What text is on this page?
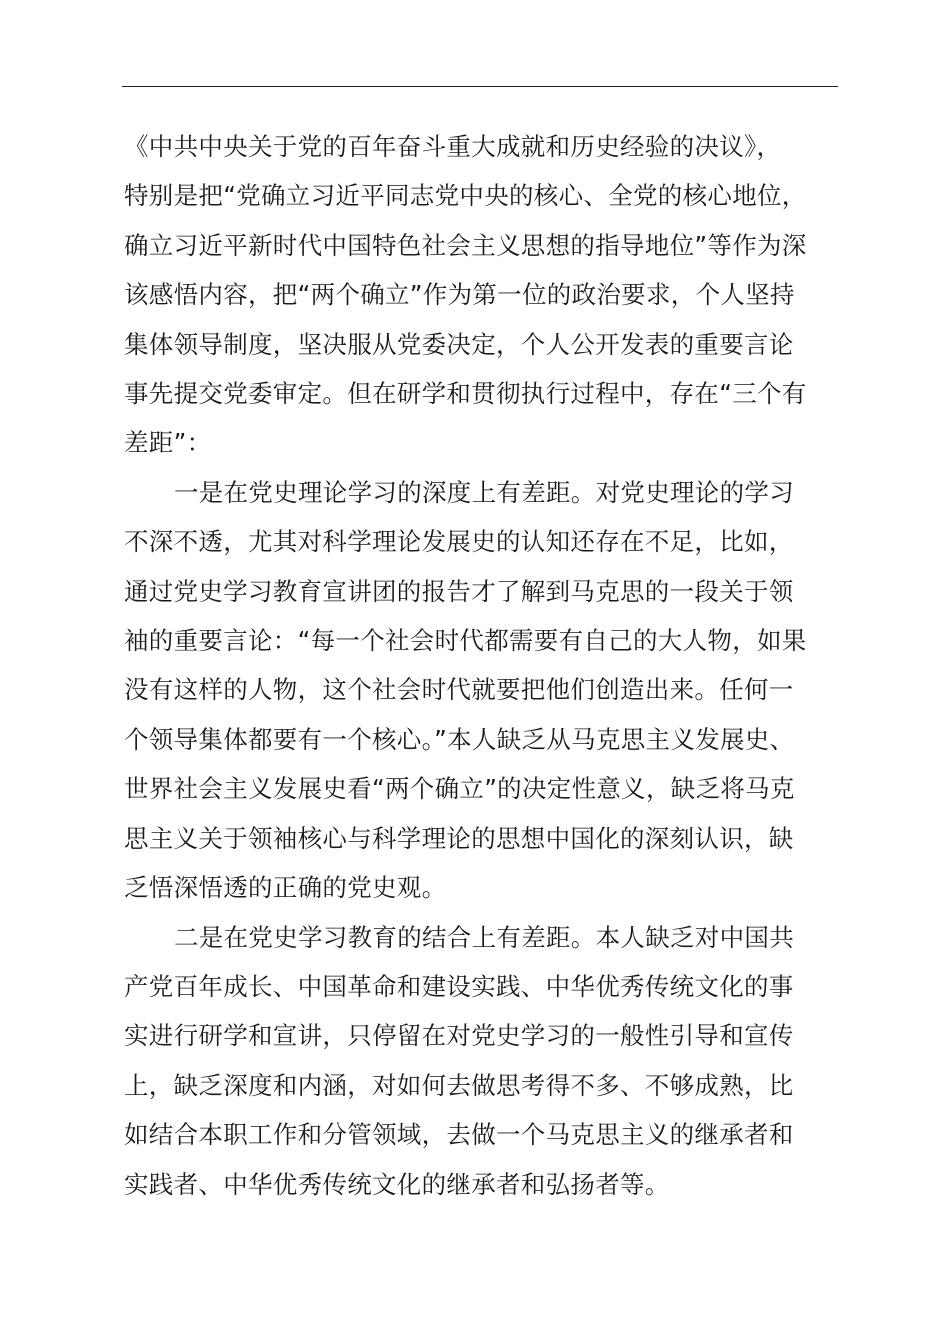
《中共中央关于党的百年奋斗重大成就和历史经验的决议》，
特别是把“党确立习近平同志党中央的核心、全党的核心地位，
确立习近平新时代中国特色社会主义思想的指导地位”等作为深
该感悟内容，把“两个确立”作为第一位的政治要求，个人坚持
集体领导制度，坚决服从党委决定，个人公开发表的重要言论
事先提交党委审定。但在研学和贯彻执行过程中，存在“三个有
差距”：

一是在党史理论学习的深度上有差距。对党史理论的学习
不深不透，尤其对科学理论发展史的认知还存在不足，比如，
通过党史学习教育宣讲团的报告才了解到马克思的一段关于领
袖的重要言论：“每一个社会时代都需要有自己的大人物，如果
没有这样的人物，这个社会时代就要把他们创造出来。任何一
个领导集体都要有一个核心。”本人缺乏从马克思主义发展史、
世界社会主义发展史看“两个确立”的决定性意义，缺乏将马克
思主义关于领袖核心与科学理论的思想中国化的深刻认识，缺
乏悟深悟透的正确的党史观。

二是在党史学习教育的结合上有差距。本人缺乏对中国共
产党百年成长、中国革命和建设实践、中华优秀传统文化的事
实进行研学和宣讲，只停留在对党史学习的一般性引导和宣传
上，缺乏深度和内涵，对如何去做思考得不多、不够成熟，比
如结合本职工作和分管领域，去做一个马克思主义的继承者和
实践者、中华优秀传统文化的继承者和弘扬者等。
